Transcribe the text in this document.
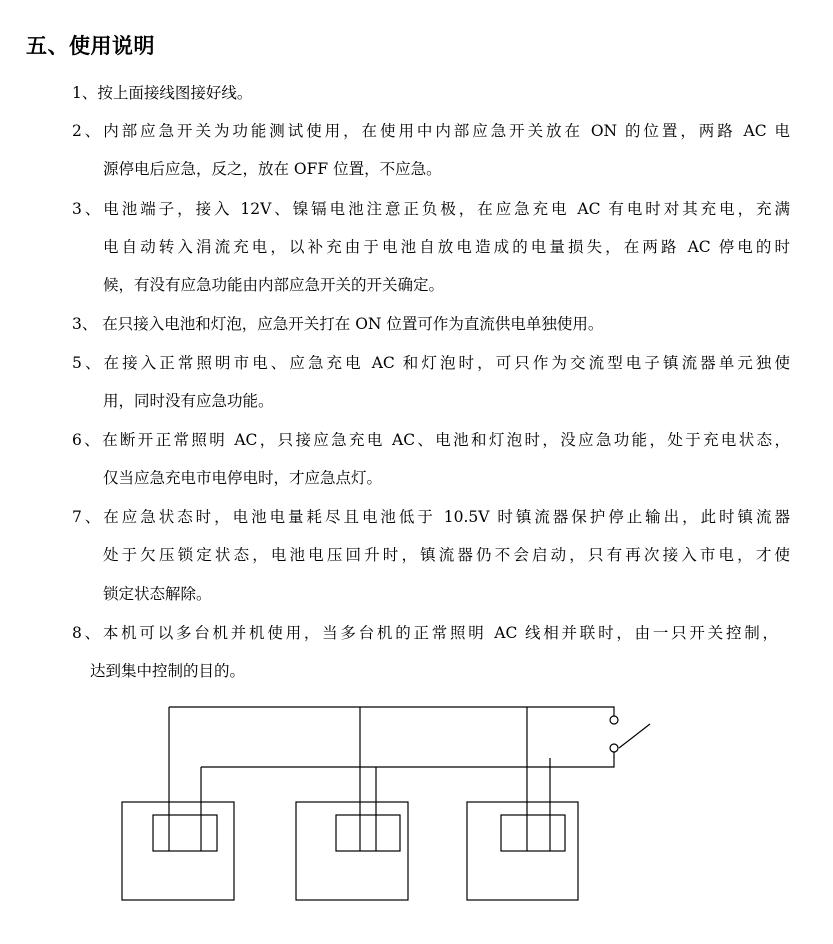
五、使用说明
1、按上面接线图接好线。
2、内部应急开关为功能测试使用，在使用中内部应急开关放在 ON 的位置，两路 AC 电
源停电后应急，反之，放在 OFF 位置，不应急。
3、电池端子，接入 12V、镍镉电池注意正负极，在应急充电 AC 有电时对其充电，充满
电自动转入涓流充电，以补充由于电池自放电造成的电量损失，在两路 AC 停电的时
候，有没有应急功能由内部应急开关的开关确定。
3、 在只接入电池和灯泡，应急开关打在 ON 位置可作为直流供电单独使用。
5、在接入正常照明市电、应急充电 AC 和灯泡时，可只作为交流型电子镇流器单元独使
用，同时没有应急功能。
6、在断开正常照明 AC，只接应急充电 AC、电池和灯泡时，没应急功能，处于充电状态，
仅当应急充电市电停电时，才应急点灯。
7、在应急状态时，电池电量耗尽且电池低于 10.5V 时镇流器保护停止输出，此时镇流器
处于欠压锁定状态，电池电压回升时，镇流器仍不会启动，只有再次接入市电，才使
锁定状态解除。
8、本机可以多台机并机使用，当多台机的正常照明 AC 线相并联时，由一只开关控制，
达到集中控制的目的。
